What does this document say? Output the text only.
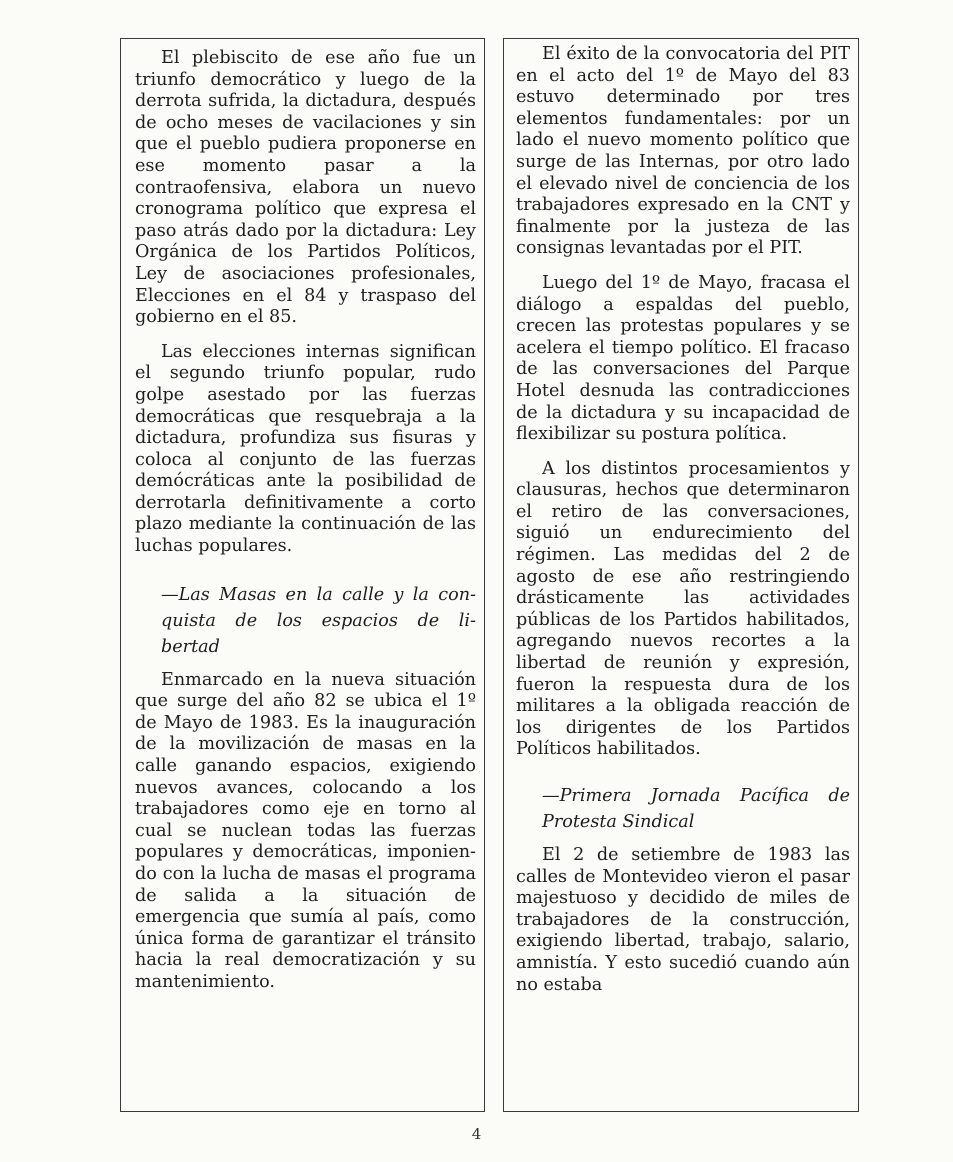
El plebiscito de ese año fue un triunfo democrático y luego de la derrota sufrida, la dictadura, después de ocho meses de vacilaciones y sin que el pueblo pudiera proponerse en ese momento pasar a la contraofensiva, elabora un nuevo cronograma político que expresa el paso atrás dado por la dictadura: Ley Orgánica de los Partidos Políticos, Ley de asociaciones profesionales, Elecciones en el 84 y traspaso del gobierno en el 85.

Las elecciones internas significan el segundo triunfo popular, rudo golpe asestado por las fuerzas democráticas que resquebraja a la dictadura, profundiza sus fisuras y coloca al conjunto de las fuerzas demócráticas ante la posibilidad de derrotarla definitivamente a corto plazo mediante la continuación de las luchas populares.

—Las Masas en la calle y la con-

quista de los espacios de li-

bertad

Enmarcado en la nueva situación que surge del año 82 se ubica el 1º de Mayo de 1983. Es la inauguración de la movilización de masas en la calle ganando espacios, exigiendo nuevos avances, colocando a los trabajadores como eje en torno al cual se nuclean todas las fuerzas populares y democráticas, imponiendo con la lucha de masas el programa de salida a la situación de emergencia que sumía al país, como única forma de garantizar el tránsito hacia la real democratización y su mantenimiento.

El éxito de la convocatoria del PIT en el acto del 1º de Mayo del 83 estuvo determinado por tres elementos fundamentales: por un lado el nuevo momento político que surge de las Internas, por otro lado el elevado nivel de conciencia de los trabajadores expresado en la CNT y finalmente por la justeza de las consignas levantadas por el PIT.

Luego del 1º de Mayo, fracasa el diálogo a espaldas del pueblo, crecen las protestas populares y se acelera el tiempo político. El fracaso de las conversaciones del Parque Hotel desnuda las contradicciones de la dictadura y su incapacidad de flexibilizar su postura política.

A los distintos procesamientos y clausuras, hechos que determinaron el retiro de las conversaciones, siguió un endurecimiento del régimen. Las medidas del 2 de agosto de ese año restringiendo drásticamente las actividades públicas de los Partidos habilitados, agregando nuevos recortes a la libertad de reunión y expresión, fueron la respuesta dura de los militares a la obligada reacción de los dirigentes de los Partidos Políticos habilitados.

—Primera Jornada Pacífica de

Protesta Sindical

El 2 de setiembre de 1983 las calles de Montevideo vieron el pasar majestuoso y decidido de miles de trabajadores de la construcción, exigiendo libertad, trabajo, salario, amnistía. Y esto sucedió cuando aún no estaba

4
